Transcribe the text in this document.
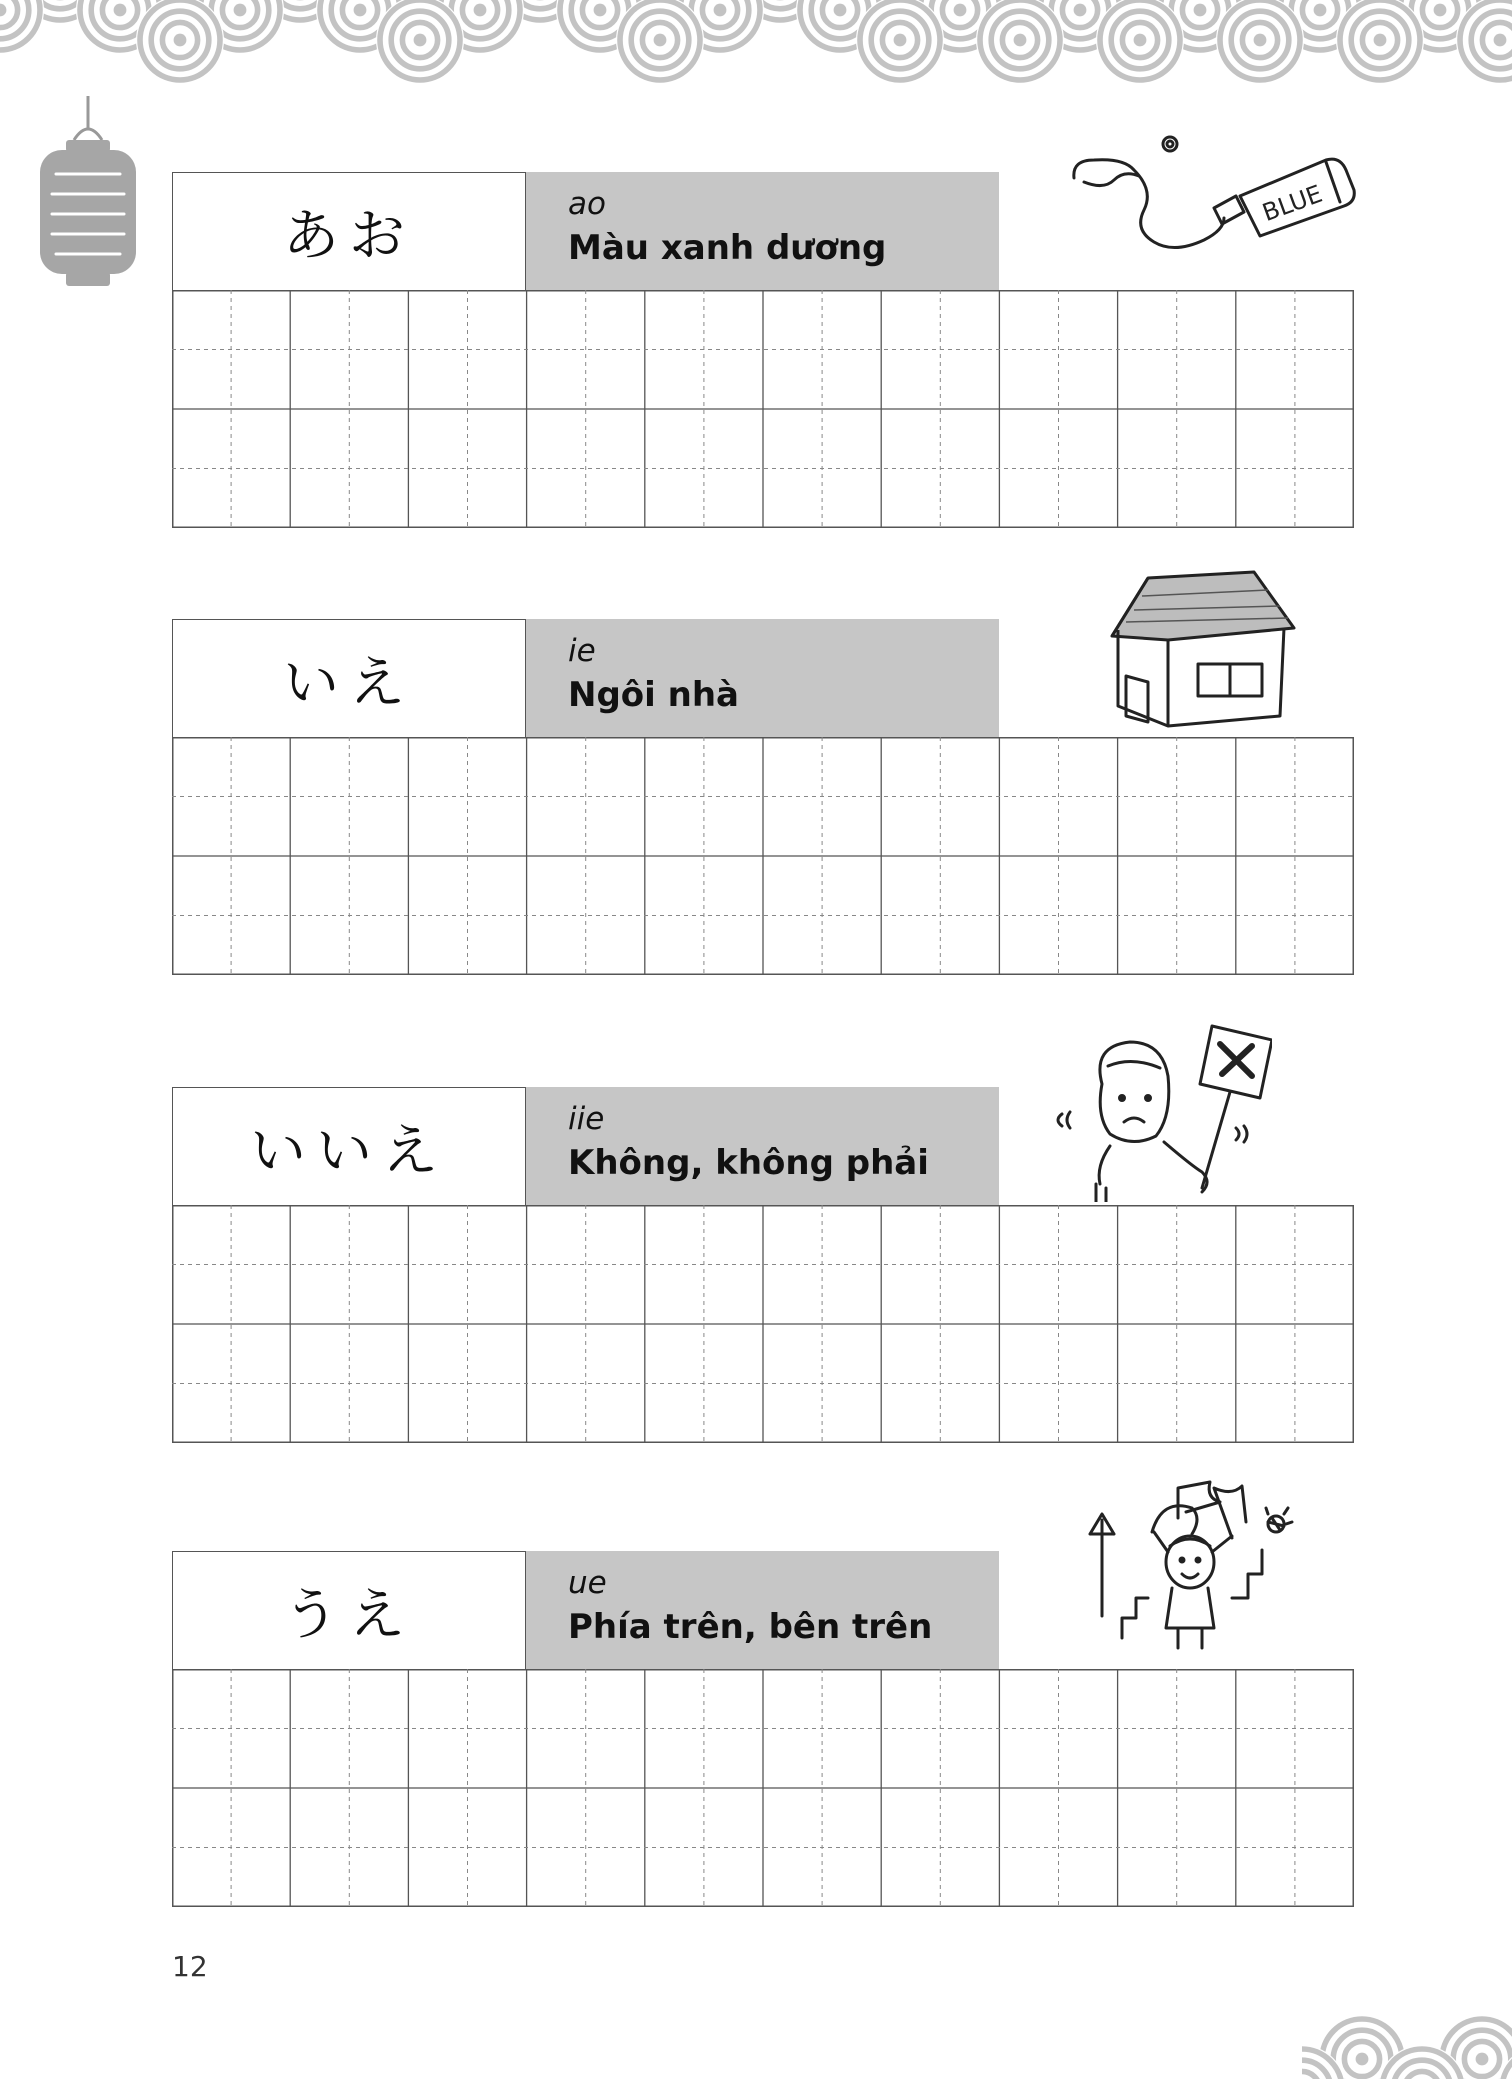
あお	ao
Màu xanh dương
いえ	ie
Ngôi nhà
いいえ	iie
Không, không phải
うえ	ue
Phía trên, bên trên
BLUE
12
